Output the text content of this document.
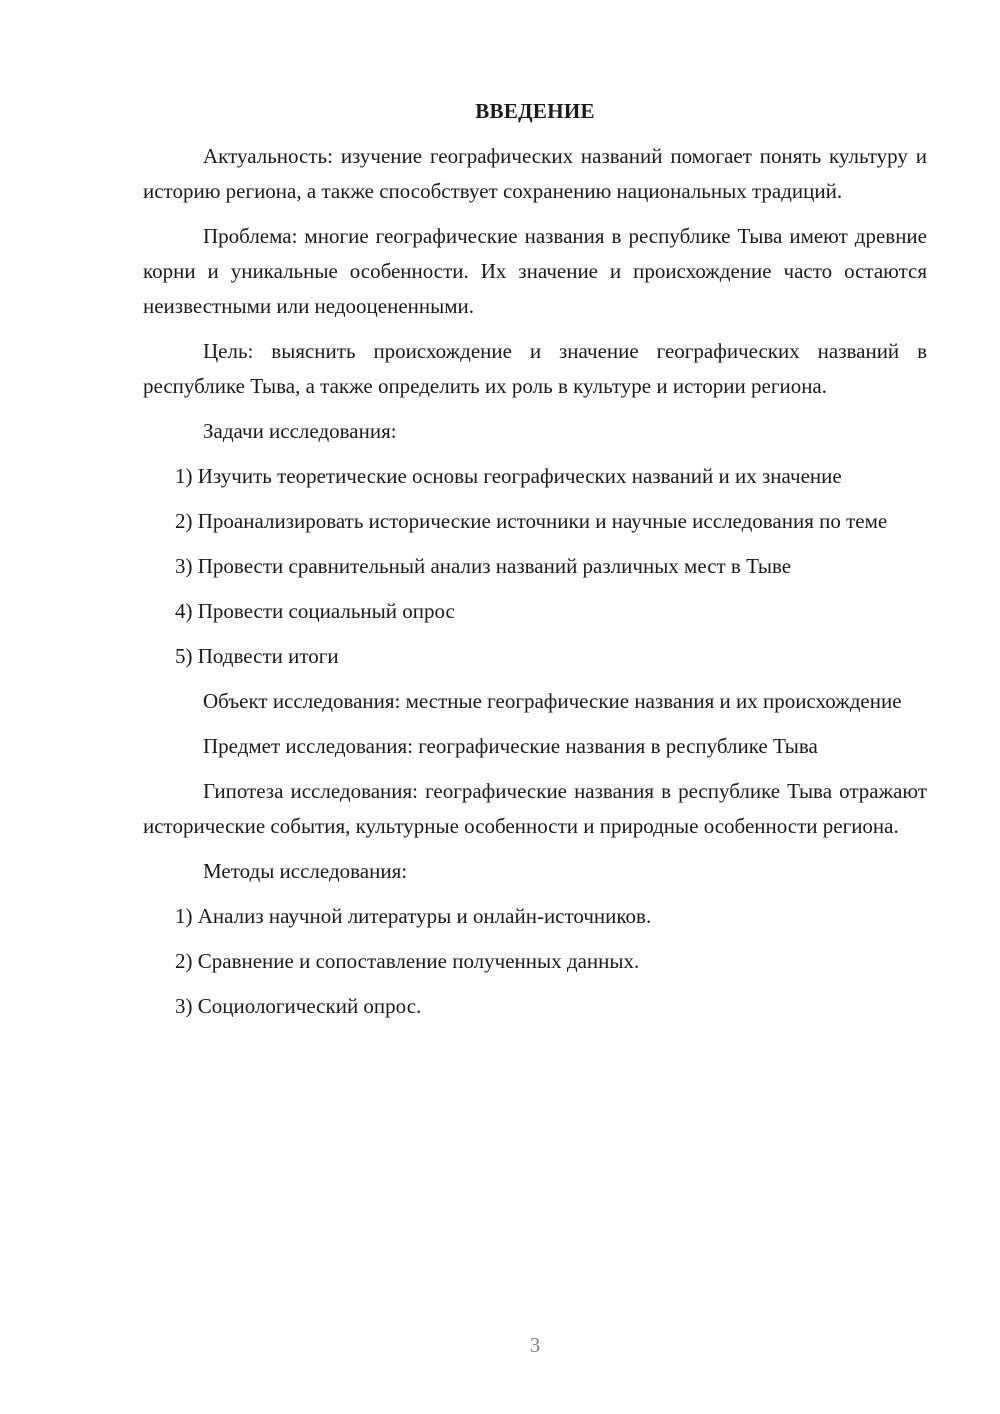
ВВЕДЕНИЕ

Актуальность: изучение географических названий помогает понять культуру и историю региона, а также способствует сохранению национальных традиций.

Проблема: многие географические названия в республике Тыва имеют древние корни и уникальные особенности. Их значение и происхождение часто остаются неизвестными или недооцененными.

Цель: выяснить происхождение и значение географических названий в республике Тыва, а также определить их роль в культуре и истории региона.

Задачи исследования:

1) Изучить теоретические основы географических названий и их значение

2) Проанализировать исторические источники и научные исследования по теме

3) Провести сравнительный анализ названий различных мест в Тыве

4) Провести социальный опрос

5) Подвести итоги

Объект исследования: местные географические названия и их происхождение

Предмет исследования: географические названия в республике Тыва

Гипотеза исследования: географические названия в республике Тыва отражают исторические события, культурные особенности и природные особенности региона.

Методы исследования:

1) Анализ научной литературы и онлайн-источников.

2) Сравнение и сопоставление полученных данных.

3) Социологический опрос.

3
